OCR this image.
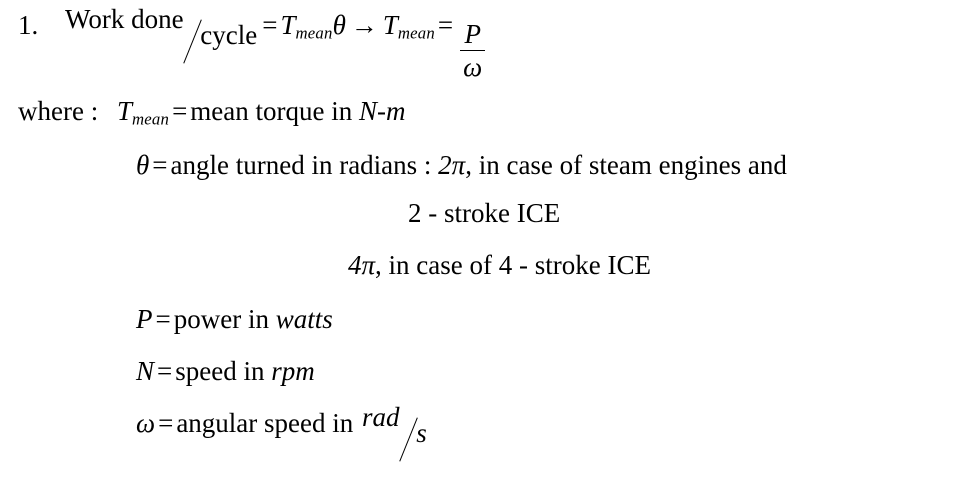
1. Work donecycle = $T_{mean}\theta \to T_{mean} = \frac{P}{\omega}$
where : $T_{mean}$ = mean torque in N-m
θ = angle turned in radians : 2π, in case of steam engines and
2 - stroke ICE
4π, in case of 4 - stroke ICE
P = power in watts
N = speed in rpm
ω = angular speed in rads
